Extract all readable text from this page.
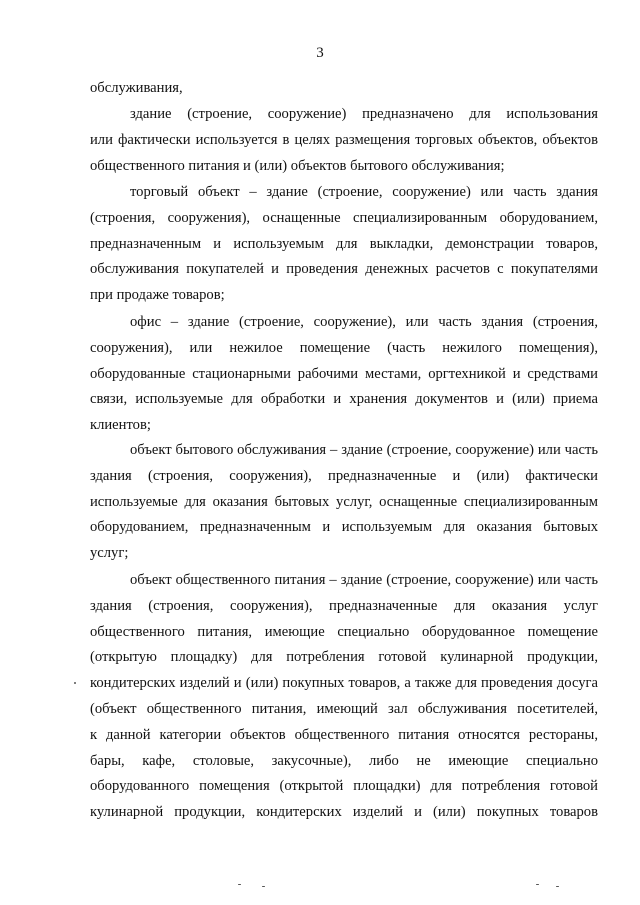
3

обслуживания,

здание (строение, сооружение) предназначено для использования
или фактически используется в целях размещения торговых объектов, объектов
общественного питания и (или) объектов бытового обслуживания;

торговый объект – здание (строение, сооружение) или часть здания
(строения, сооружения), оснащенные специализированным оборудованием,
предназначенным и используемым для выкладки, демонстрации товаров,
обслуживания покупателей и проведения денежных расчетов с покупателями
при продаже товаров;

офис – здание (строение, сооружение), или часть здания (строения,
сооружения), или нежилое помещение (часть нежилого помещения),
оборудованные стационарными рабочими местами, оргтехникой и средствами
связи, используемые для обработки и хранения документов и (или) приема
клиентов;

объект бытового обслуживания – здание (строение, сооружение) или часть
здания (строения, сооружения), предназначенные и (или) фактически
используемые для оказания бытовых услуг, оснащенные специализированным
оборудованием, предназначенным и используемым для оказания бытовых
услуг;

объект общественного питания – здание (строение, сооружение) или часть
здания (строения, сооружения), предназначенные для оказания услуг
общественного питания, имеющие специально оборудованное помещение
(открытую площадку) для потребления готовой кулинарной продукции,
кондитерских изделий и (или) покупных товаров, а также для проведения досуга
(объект общественного питания, имеющий зал обслуживания посетителей,
к данной категории объектов общественного питания относятся рестораны,
бары, кафе, столовые, закусочные), либо не имеющие специально
оборудованного помещения (открытой площадки) для потребления готовой
кулинарной продукции, кондитерских изделий и (или) покупных товаров
